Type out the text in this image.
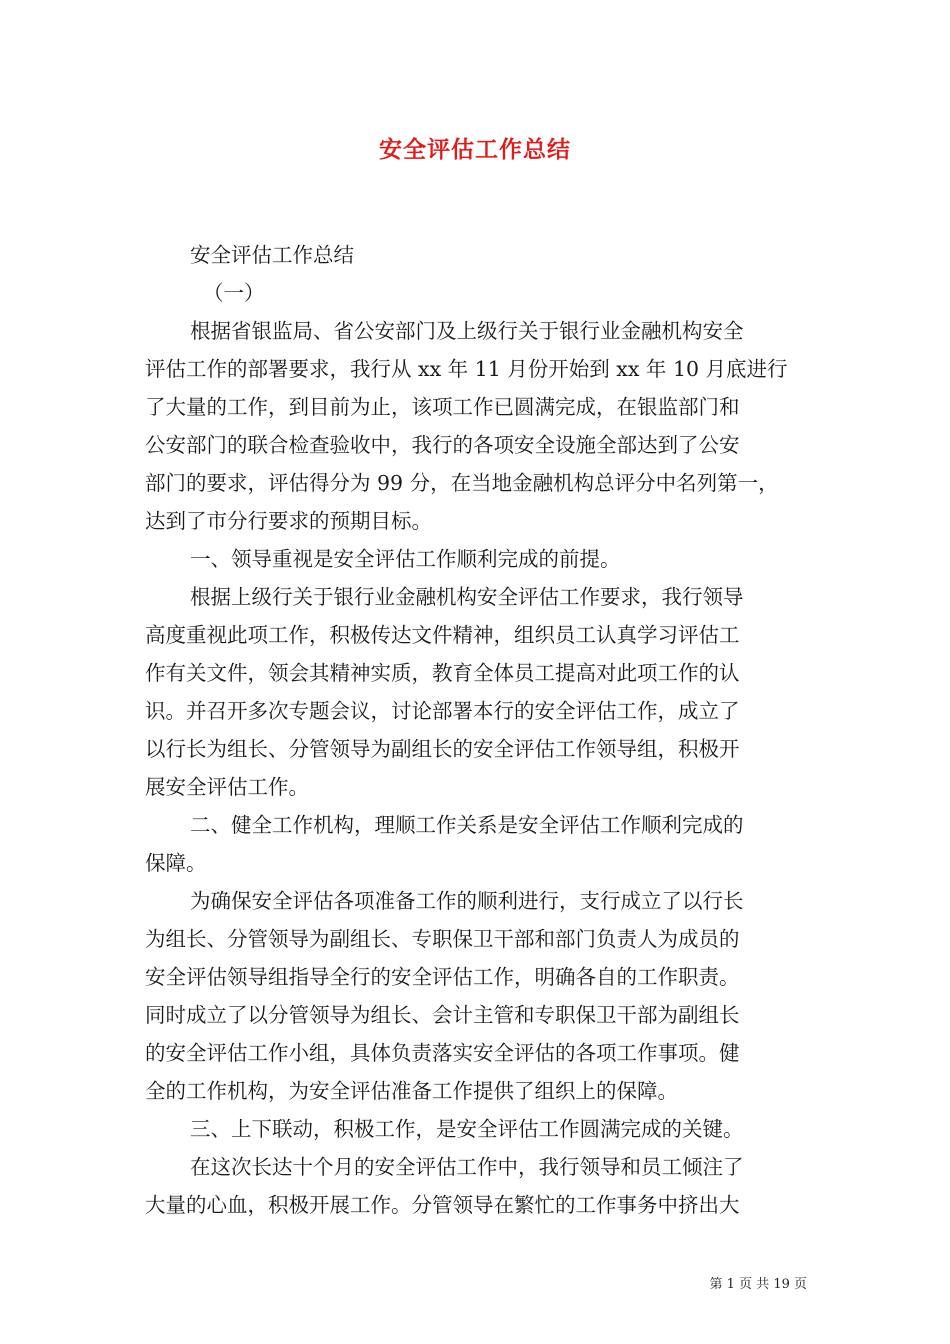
安全评估工作总结
安全评估工作总结
（一）
根据省银监局、省公安部门及上级行关于银行业金融机构安全
评估工作的部署要求，我行从 xx 年 11 月份开始到 xx 年 10 月底进行
了大量的工作，到目前为止，该项工作已圆满完成，在银监部门和
公安部门的联合检查验收中，我行的各项安全设施全部达到了公安
部门的要求，评估得分为 99 分，在当地金融机构总评分中名列第一，
达到了市分行要求的预期目标。
一、领导重视是安全评估工作顺利完成的前提。
根据上级行关于银行业金融机构安全评估工作要求，我行领导
高度重视此项工作，积极传达文件精神，组织员工认真学习评估工
作有关文件，领会其精神实质，教育全体员工提高对此项工作的认
识。并召开多次专题会议，讨论部署本行的安全评估工作，成立了
以行长为组长、分管领导为副组长的安全评估工作领导组，积极开
展安全评估工作。
二、健全工作机构，理顺工作关系是安全评估工作顺利完成的
保障。
为确保安全评估各项准备工作的顺利进行，支行成立了以行长
为组长、分管领导为副组长、专职保卫干部和部门负责人为成员的
安全评估领导组指导全行的安全评估工作，明确各自的工作职责。
同时成立了以分管领导为组长、会计主管和专职保卫干部为副组长
的安全评估工作小组，具体负责落实安全评估的各项工作事项。健
全的工作机构，为安全评估准备工作提供了组织上的保障。
三、上下联动，积极工作，是安全评估工作圆满完成的关键。
在这次长达十个月的安全评估工作中，我行领导和员工倾注了
大量的心血，积极开展工作。分管领导在繁忙的工作事务中挤出大
第 1 页 共 19 页
